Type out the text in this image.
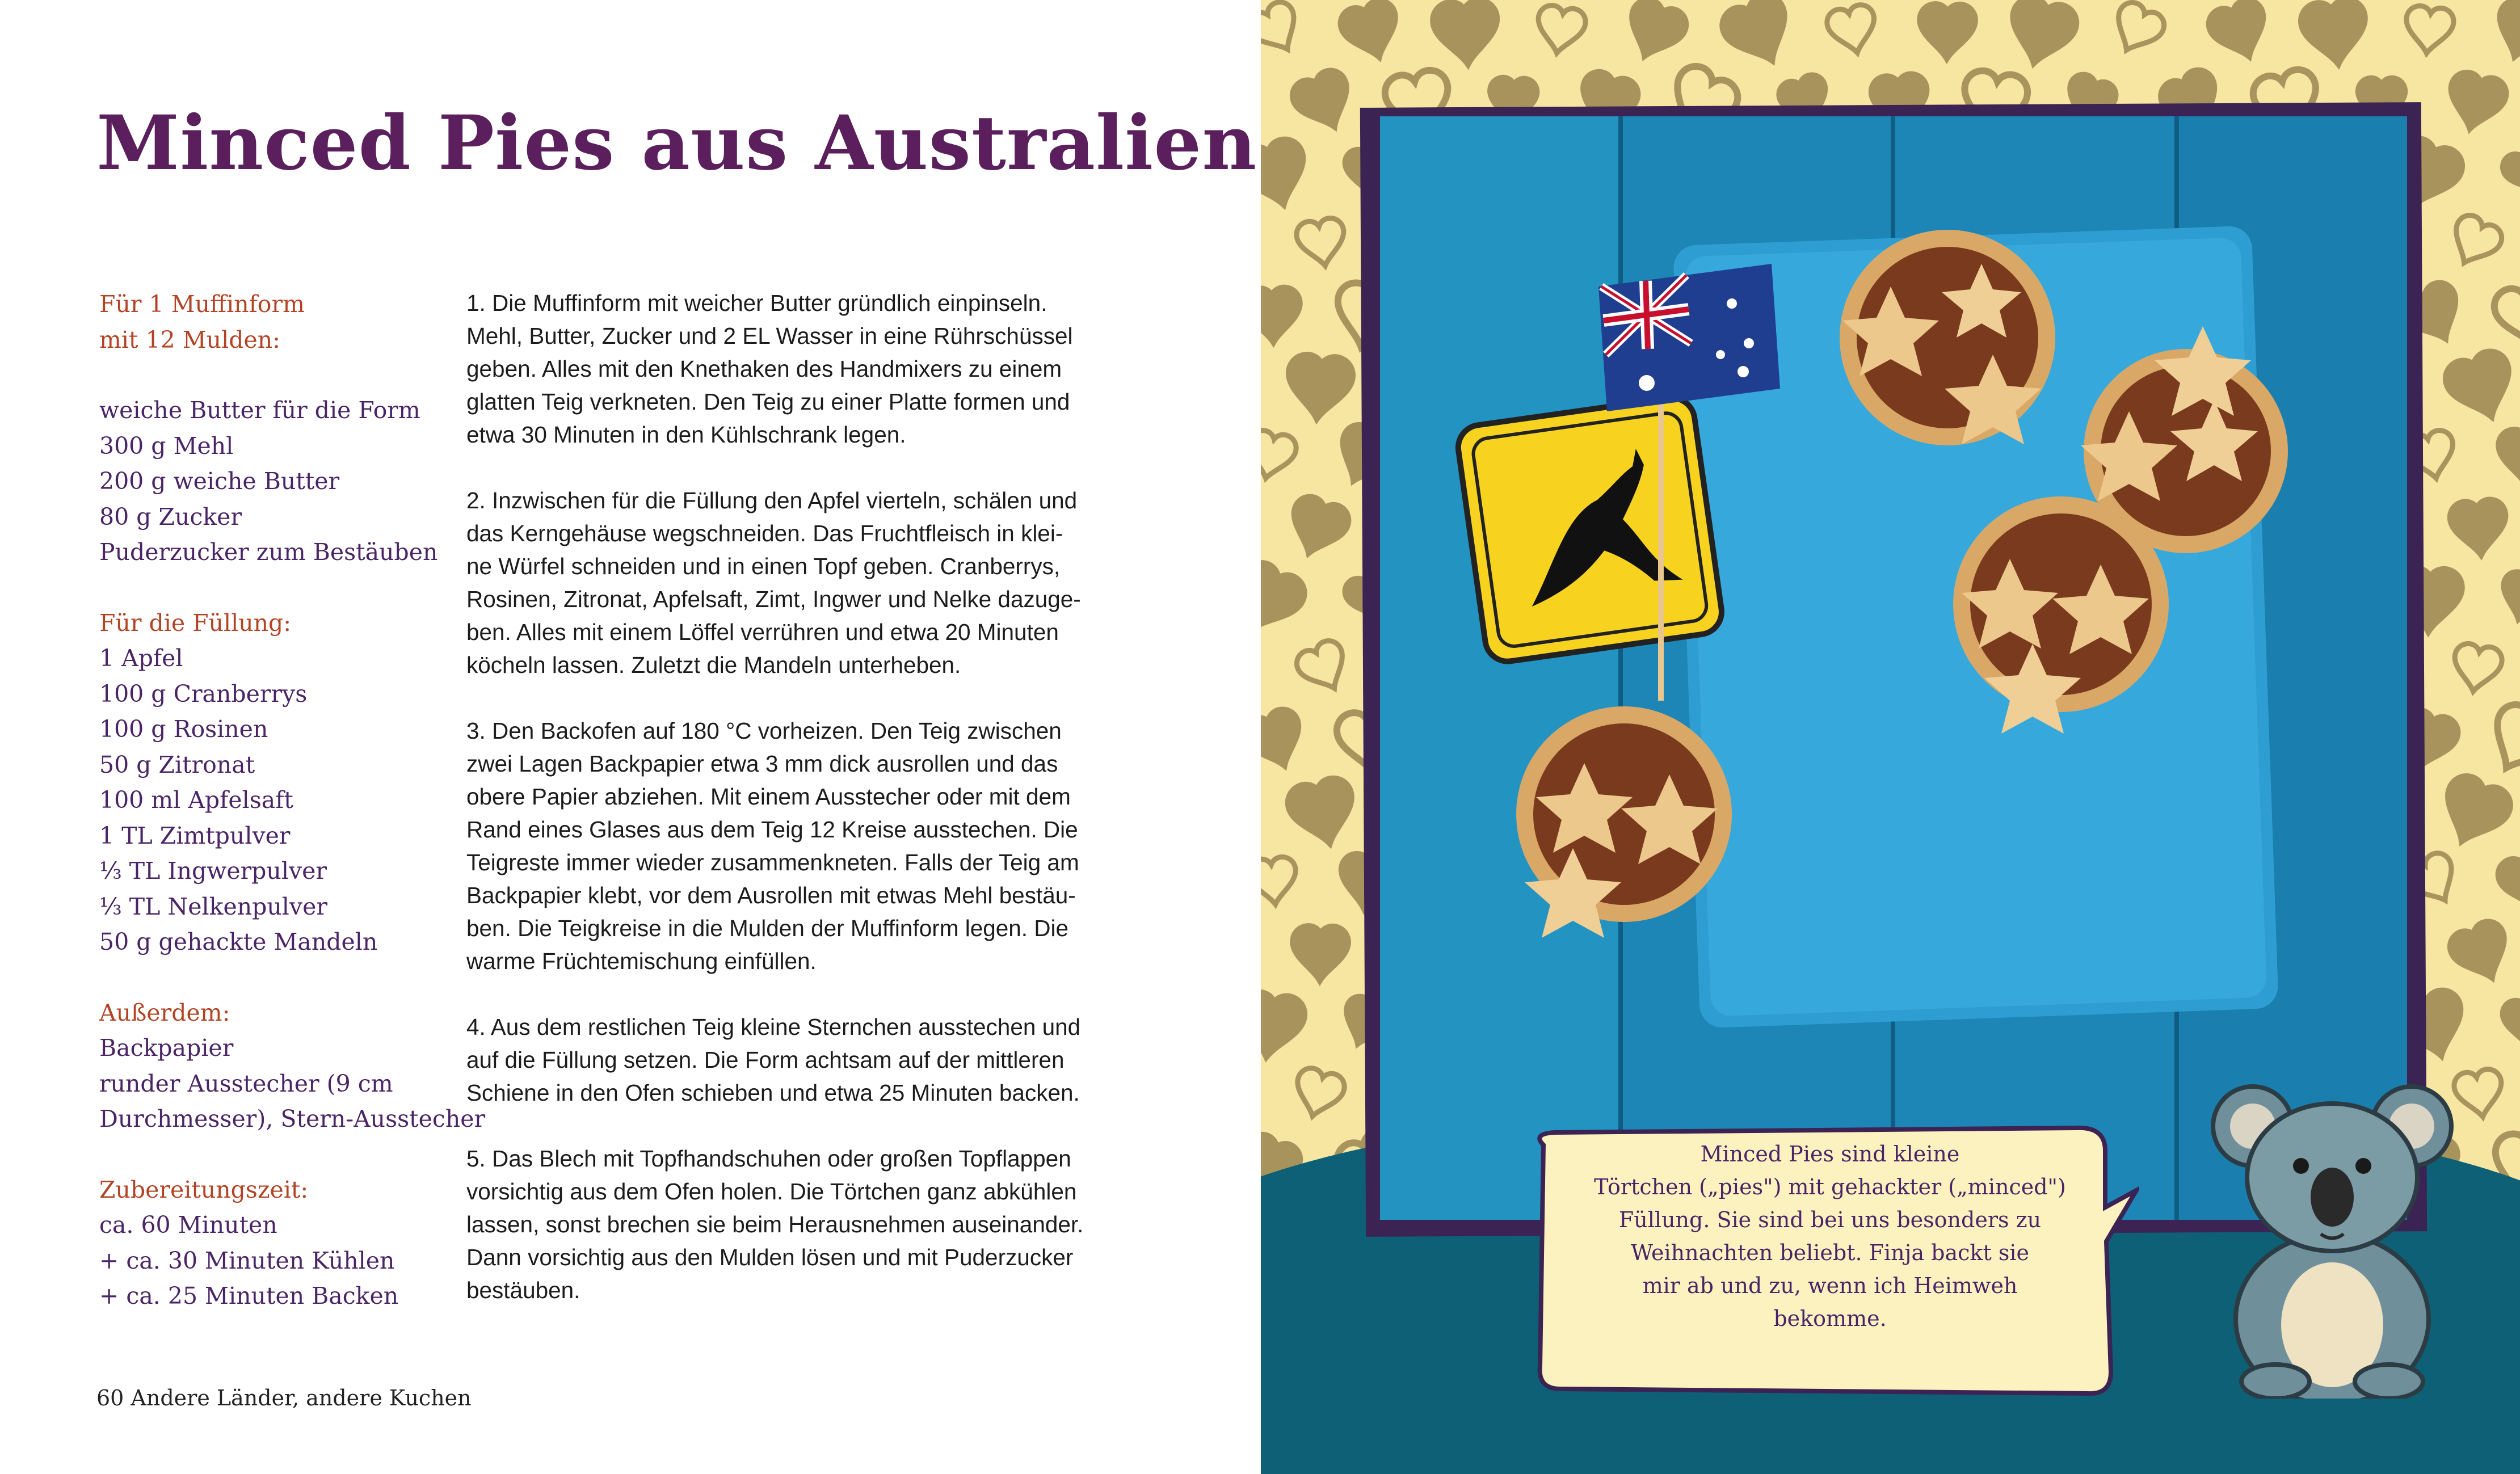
Minced Pies aus Australien
Für 1 Muffinform
mit 12 Mulden:
weiche Butter für die Form
300 g Mehl
200 g weiche Butter
80 g Zucker
Puderzucker zum Bestäuben
Für die Füllung:
1 Apfel
100 g Cranberrys
100 g Rosinen
50 g Zitronat
100 ml Apfelsaft
1 TL Zimtpulver
⅓ TL Ingwerpulver
⅓ TL Nelkenpulver
50 g gehackte Mandeln
Außerdem:
Backpapier
runder Ausstecher (9 cm
Durchmesser), Stern-Ausstecher
Zubereitungszeit:
ca. 60 Minuten
+ ca. 30 Minuten Kühlen
+ ca. 25 Minuten Backen

1. Die Muffinform mit weicher Butter gründlich einpinseln.
Mehl, Butter, Zucker und 2 EL Wasser in eine Rührschüssel
geben. Alles mit den Knethaken des Handmixers zu einem
glatten Teig verkneten. Den Teig zu einer Platte formen und
etwa 30 Minuten in den Kühlschrank legen.

2. Inzwischen für die Füllung den Apfel vierteln, schälen und
das Kerngehäuse wegschneiden. Das Fruchtfleisch in klei-
ne Würfel schneiden und in einen Topf geben. Cranberrys,
Rosinen, Zitronat, Apfelsaft, Zimt, Ingwer und Nelke dazuge-
ben. Alles mit einem Löffel verrühren und etwa 20 Minuten
köcheln lassen. Zuletzt die Mandeln unterheben.

3. Den Backofen auf 180 °C vorheizen. Den Teig zwischen
zwei Lagen Backpapier etwa 3 mm dick ausrollen und das
obere Papier abziehen. Mit einem Ausstecher oder mit dem
Rand eines Glases aus dem Teig 12 Kreise ausstechen. Die
Teigreste immer wieder zusammenkneten. Falls der Teig am
Backpapier klebt, vor dem Ausrollen mit etwas Mehl bestäu-
ben. Die Teigkreise in die Mulden der Muffinform legen. Die
warme Früchtemischung einfüllen.

4. Aus dem restlichen Teig kleine Sternchen ausstechen und
auf die Füllung setzen. Die Form achtsam auf der mittleren
Schiene in den Ofen schieben und etwa 25 Minuten backen.

5. Das Blech mit Topfhandschuhen oder großen Topflappen
vorsichtig aus dem Ofen holen. Die Törtchen ganz abkühlen
lassen, sonst brechen sie beim Herausnehmen auseinander.
Dann vorsichtig aus den Mulden lösen und mit Puderzucker
bestäuben.

60 Andere Länder, andere Kuchen
Minced Pies sind kleine
Törtchen („pies") mit gehackter („minced")
Füllung. Sie sind bei uns besonders zu
Weihnachten beliebt. Finja backt sie
mir ab und zu, wenn ich Heimweh
bekomme.
